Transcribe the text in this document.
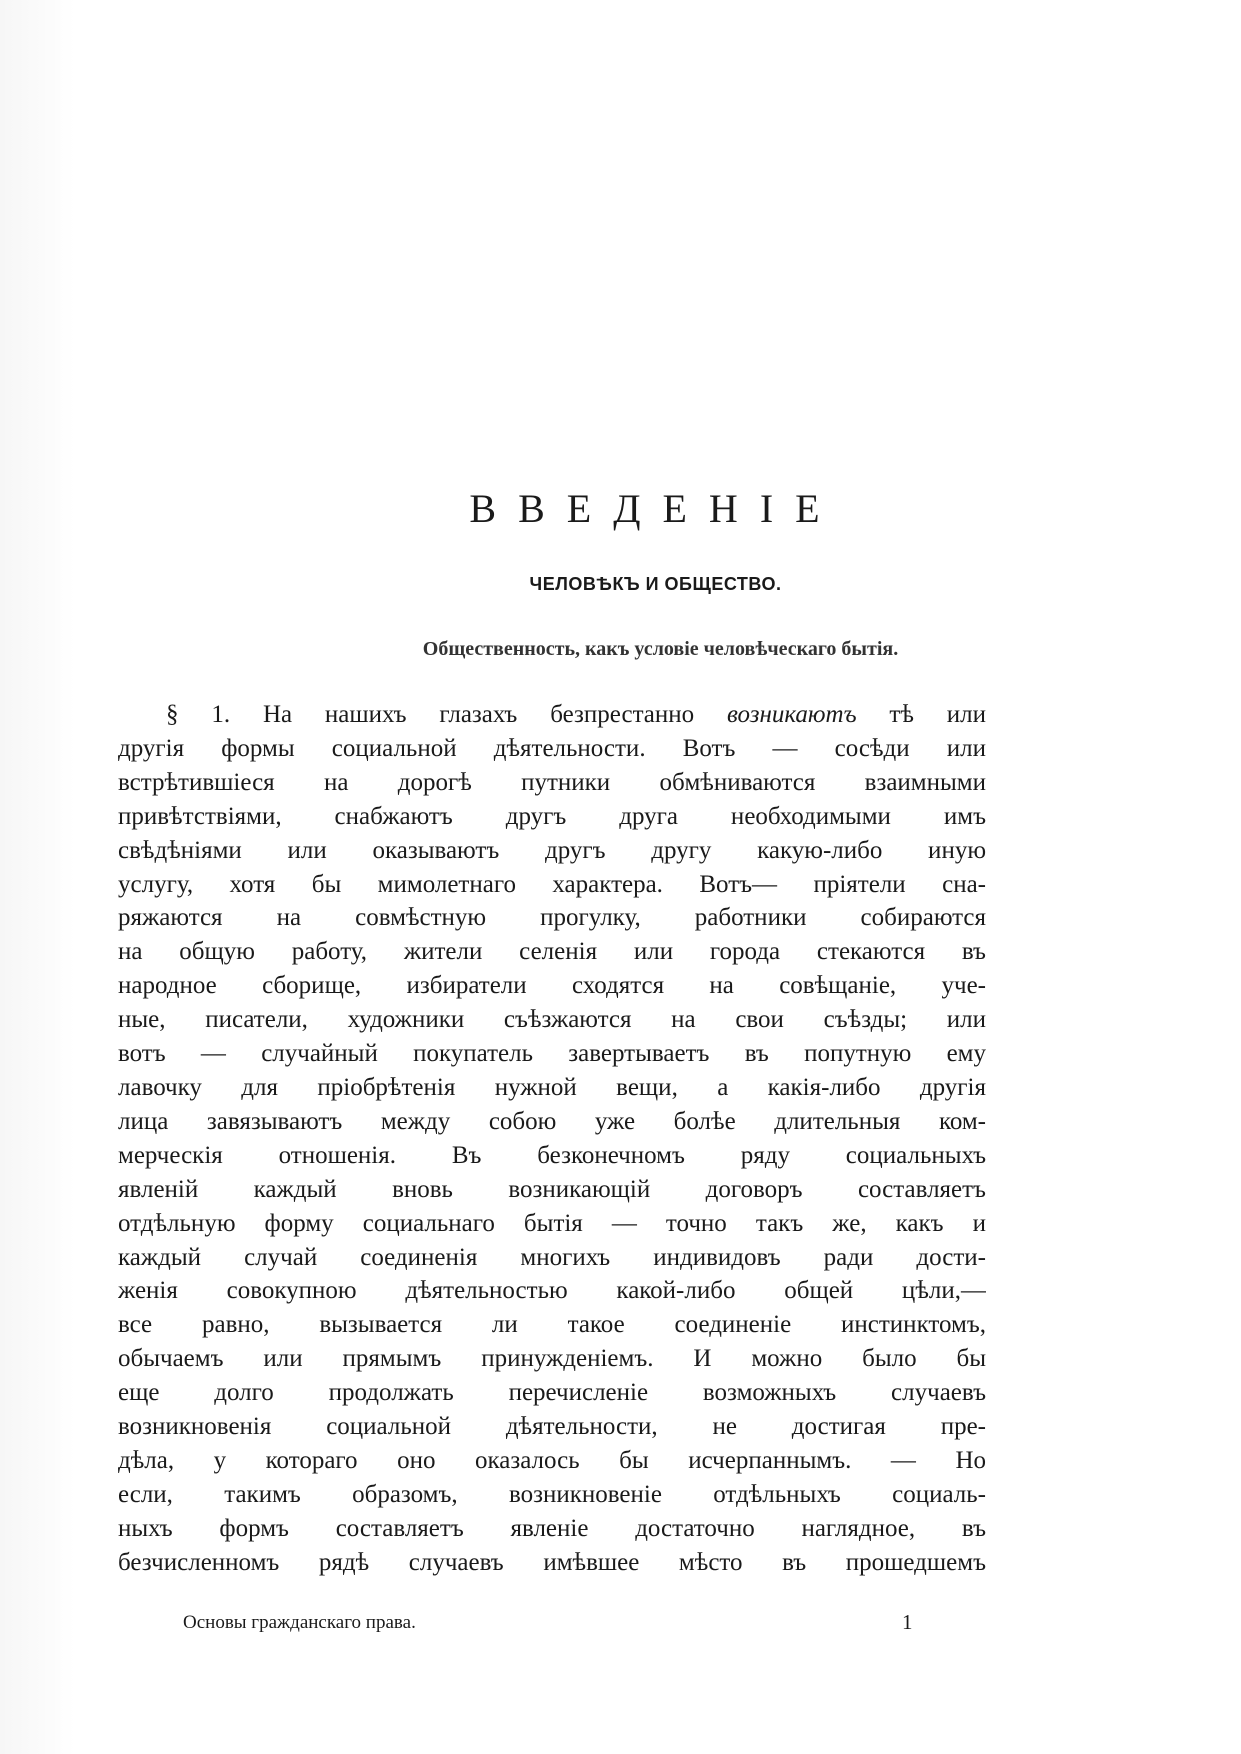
ВВЕДЕНІЕ
ЧЕЛОВѢКЪ И ОБЩЕСТВО.
Общественность, какъ условіе человѣческаго бытія.
§ 1. На нашихъ глазахъ безпрестанно возникаютъ тѣ или
другія формы социальной дѣятельности. Вотъ — сосѣди или
встрѣтившіеся на дорогѣ путники обмѣниваются взаимными
привѣтствіями, снабжаютъ другъ друга необходимыми имъ
свѣдѣніями или оказываютъ другъ другу какую-либо иную
услугу, хотя бы мимолетнаго характера. Вотъ— пріятели сна-
ряжаются на совмѣстную прогулку, работники собираются
на общую работу, жители селенія или города стекаются въ
народное сборище, избиратели сходятся на совѣщаніе, уче-
ные, писатели, художники съѣзжаются на свои съѣзды; или
вотъ — случайный покупатель завертываетъ въ попутную ему
лавочку для пріобрѣтенія нужной вещи, а какія-либо другія
лица завязываютъ между собою уже болѣе длительныя ком-
мерческія отношенія. Въ безконечномъ ряду социальныхъ
явленій каждый вновь возникающій договоръ составляетъ
отдѣльную форму социальнаго бытія — точно такъ же, какъ и
каждый случай соединенія многихъ индивидовъ ради дости-
женія совокупною дѣятельностью какой-либо общей цѣли,—
все равно, вызывается ли такое соединеніе инстинктомъ,
обычаемъ или прямымъ принужденіемъ. И можно было бы
еще долго продолжать перечисленіе возможныхъ случаевъ
возникновенія социальной дѣятельности, не достигая пре-
дѣла, у котораго оно оказалось бы исчерпаннымъ. — Но
если, такимъ образомъ, возникновеніе отдѣльныхъ социаль-
ныхъ формъ составляетъ явленіе достаточно наглядное, въ
безчисленномъ рядѣ случаевъ имѣвшее мѣсто въ прошедшемъ
Основы гражданскаго права.	1
